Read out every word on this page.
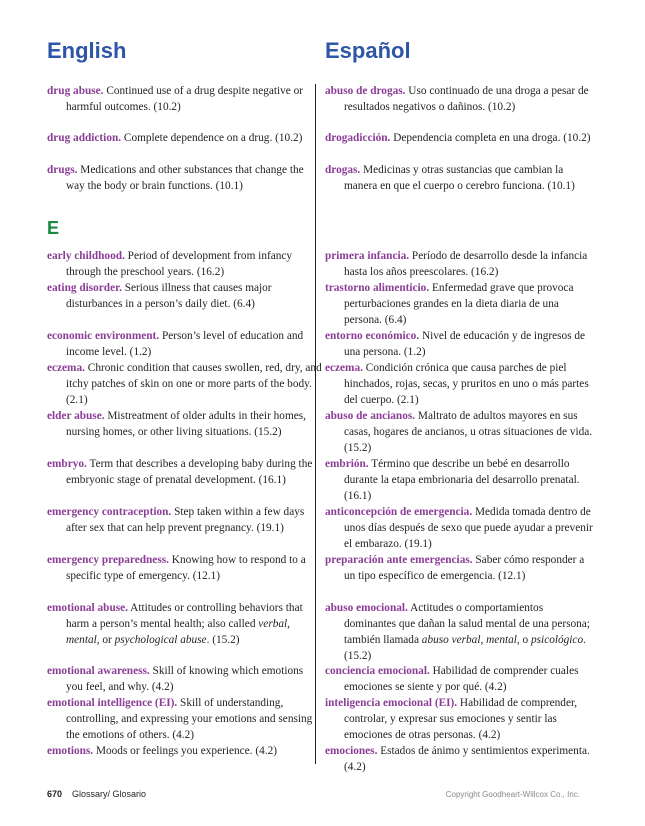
English	Español
E
drug abuse. Continued use of a drug despite negative or harmful outcomes. (10.2)
drug addiction. Complete dependence on a drug. (10.2)
drugs. Medications and other substances that change the way the body or brain functions. (10.1)
early childhood. Period of development from infancy through the preschool years. (16.2)
eating disorder. Serious illness that causes major disturbances in a person’s daily diet. (6.4)
economic environment. Person’s level of education and income level. (1.2)
eczema. Chronic condition that causes swollen, red, dry, and itchy patches of skin on one or more parts of the body. (2.1)
elder abuse. Mistreatment of older adults in their homes, nursing homes, or other living situations. (15.2)
embryo. Term that describes a developing baby during the embryonic stage of prenatal development. (16.1)
emergency contraception. Step taken within a few days after sex that can help prevent pregnancy. (19.1)
emergency preparedness. Knowing how to respond to a specific type of emergency. (12.1)
emotional abuse. Attitudes or controlling behaviors that harm a person’s mental health; also called verbal, mental, or psychological abuse. (15.2)
emotional awareness. Skill of knowing which emotions you feel, and why. (4.2)
emotional intelligence (EI). Skill of understanding, controlling, and expressing your emotions and sensing the emotions of others. (4.2)
emotions. Moods or feelings you experience. (4.2)
abuso de drogas. Uso continuado de una droga a pesar de resultados negativos o dañinos. (10.2)
drogadicción. Dependencia completa en una droga. (10.2)
drogas. Medicinas y otras sustancias que cambian la manera en que el cuerpo o cerebro funciona. (10.1)
primera infancia. Período de desarrollo desde la infancia hasta los años preescolares. (16.2)
trastorno alimenticio. Enfermedad grave que provoca perturbaciones grandes en la dieta diaria de una persona. (6.4)
entorno económico. Nivel de educación y de ingresos de una persona. (1.2)
eczema. Condición crónica que causa parches de piel hinchados, rojas, secas, y pruritos en uno o más partes del cuerpo. (2.1)
abuso de ancianos. Maltrato de adultos mayores en sus casas, hogares de ancianos, u otras situaciones de vida. (15.2)
embrión. Término que describe un bebé en desarrollo durante la etapa embrionaria del desarrollo prenatal. (16.1)
anticoncepción de emergencia. Medida tomada dentro de unos días después de sexo que puede ayudar a prevenir el embarazo. (19.1)
preparación ante emergencias. Saber cómo responder a un tipo específico de emergencia. (12.1)
abuso emocional. Actitudes o comportamientos dominantes que dañan la salud mental de una persona; también llamada abuso verbal, mental, o psicológico. (15.2)
conciencia emocional. Habilidad de comprender cuales emociones se siente y por qué. (4.2)
inteligencia emocional (EI). Habilidad de comprender, controlar, y expresar sus emociones y sentir las emociones de otras personas. (4.2)
emociones. Estados de ánimo y sentimientos experimenta. (4.2)
670 Glossary/ Glosario	Copyright Goodheart-Willcox Co., Inc.
